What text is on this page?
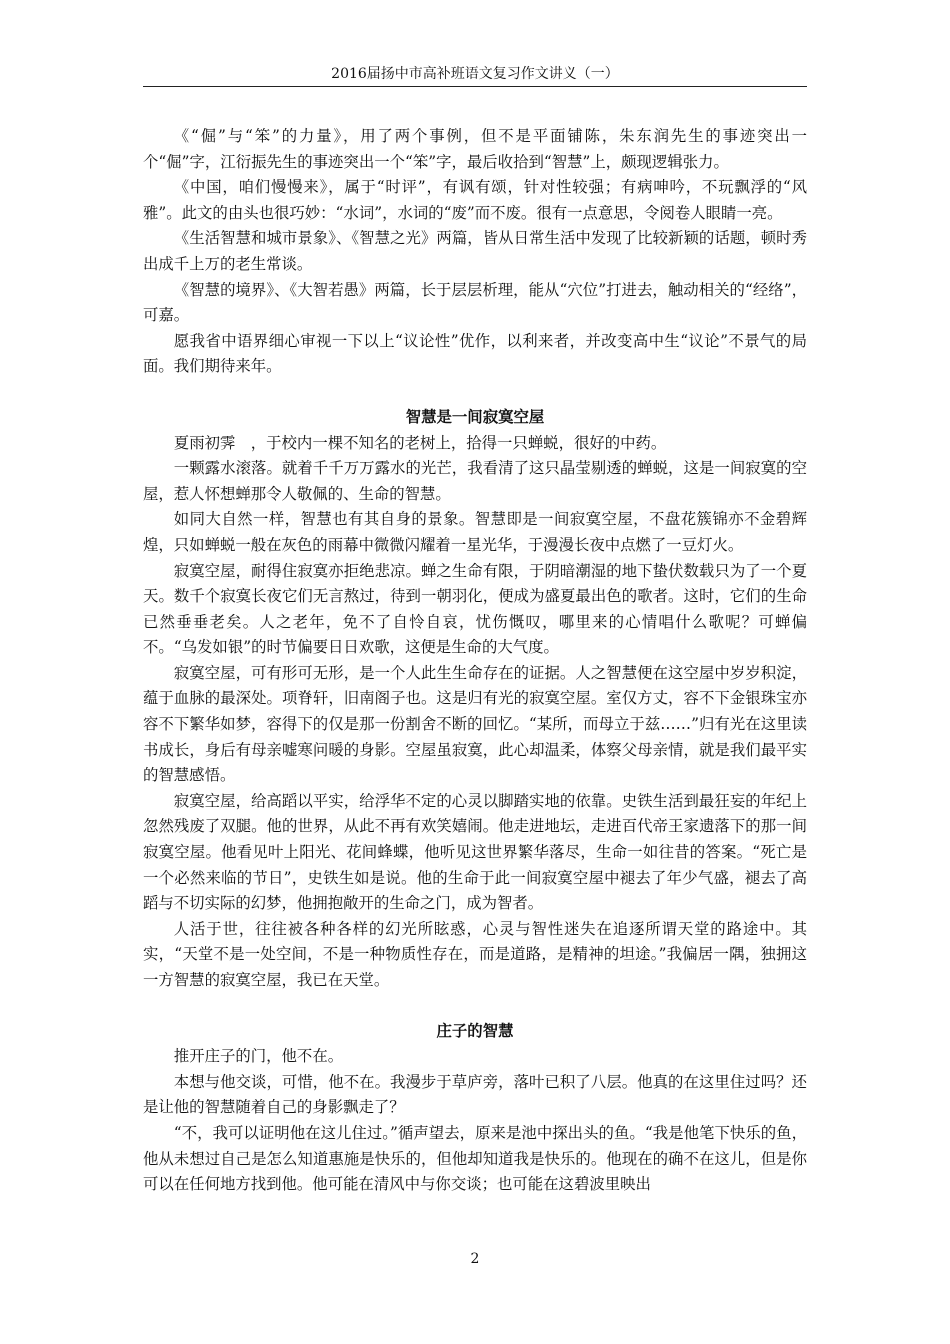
2016届扬中市高补班语文复习作文讲义（一）

《“倔”与“笨”的力量》，用了两个事例，但不是平面铺陈，朱东润先生的事迹突出一个“倔”字，江衍振先生的事迹突出一个“笨”字，最后收拾到“智慧”上，颇现逻辑张力。

《中国，咱们慢慢来》，属于“时评”，有讽有颂，针对性较强；有病呻吟，不玩飘浮的“风雅”。此文的由头也很巧妙：“水词”，水词的“废”而不废。很有一点意思，令阅卷人眼睛一亮。

《生活智慧和城市景象》、《智慧之光》两篇，皆从日常生活中发现了比较新颖的话题，顿时秀出成千上万的老生常谈。

《智慧的境界》、《大智若愚》两篇，长于层层析理，能从“穴位”打进去，触动相关的“经络”，可嘉。

愿我省中语界细心审视一下以上“议论性”优作，以利来者，并改变高中生“议论”不景气的局面。我们期待来年。

智慧是一间寂寞空屋

夏雨初霁　，于校内一棵不知名的老树上，拾得一只蝉蜕，很好的中药。

一颗露水滚落。就着千千万万露水的光芒，我看清了这只晶莹剔透的蝉蜕，这是一间寂寞的空屋，惹人怀想蝉那令人敬佩的、生命的智慧。

如同大自然一样，智慧也有其自身的景象。智慧即是一间寂寞空屋，不盘花簇锦亦不金碧辉煌，只如蝉蜕一般在灰色的雨幕中微微闪耀着一星光华，于漫漫长夜中点燃了一豆灯火。

寂寞空屋，耐得住寂寞亦拒绝悲凉。蝉之生命有限，于阴暗潮湿的地下蛰伏数载只为了一个夏天。数千个寂寞长夜它们无言熬过，待到一朝羽化，便成为盛夏最出色的歌者。这时，它们的生命已然垂垂老矣。人之老年，免不了自怜自哀，忧伤慨叹，哪里来的心情唱什么歌呢？可蝉偏不。“乌发如银”的时节偏要日日欢歌，这便是生命的大气度。

寂寞空屋，可有形可无形，是一个人此生生命存在的证据。人之智慧便在这空屋中岁岁积淀，蕴于血脉的最深处。项脊轩，旧南阁子也。这是归有光的寂寞空屋。室仅方丈，容不下金银珠宝亦容不下繁华如梦，容得下的仅是那一份割舍不断的回忆。“某所，而母立于兹……”归有光在这里读书成长，身后有母亲嘘寒问暖的身影。空屋虽寂寞，此心却温柔，体察父母亲情，就是我们最平实的智慧感悟。

寂寞空屋，给高蹈以平实，给浮华不定的心灵以脚踏实地的依靠。史铁生活到最狂妄的年纪上忽然残废了双腿。他的世界，从此不再有欢笑嬉闹。他走进地坛，走进百代帝王家遗落下的那一间寂寞空屋。他看见叶上阳光、花间蜂蝶，他听见这世界繁华落尽，生命一如往昔的答案。“死亡是一个必然来临的节日”，史铁生如是说。他的生命于此一间寂寞空屋中褪去了年少气盛，褪去了高蹈与不切实际的幻梦，他拥抱敞开的生命之门，成为智者。

人活于世，往往被各种各样的幻光所眩惑，心灵与智性迷失在追逐所谓天堂的路途中。其实，“天堂不是一处空间，不是一种物质性存在，而是道路，是精神的坦途。”我偏居一隅，独拥这一方智慧的寂寞空屋，我已在天堂。

庄子的智慧

推开庄子的门，他不在。

本想与他交谈，可惜，他不在。我漫步于草庐旁，落叶已积了八层。他真的在这里住过吗？还是让他的智慧随着自己的身影飘走了？

“不，我可以证明他在这儿住过。”循声望去，原来是池中探出头的鱼。“我是他笔下快乐的鱼，他从未想过自己是怎么知道惠施是快乐的，但他却知道我是快乐的。他现在的确不在这儿，但是你可以在任何地方找到他。他可能在清风中与你交谈；也可能在这碧波里映出

2
